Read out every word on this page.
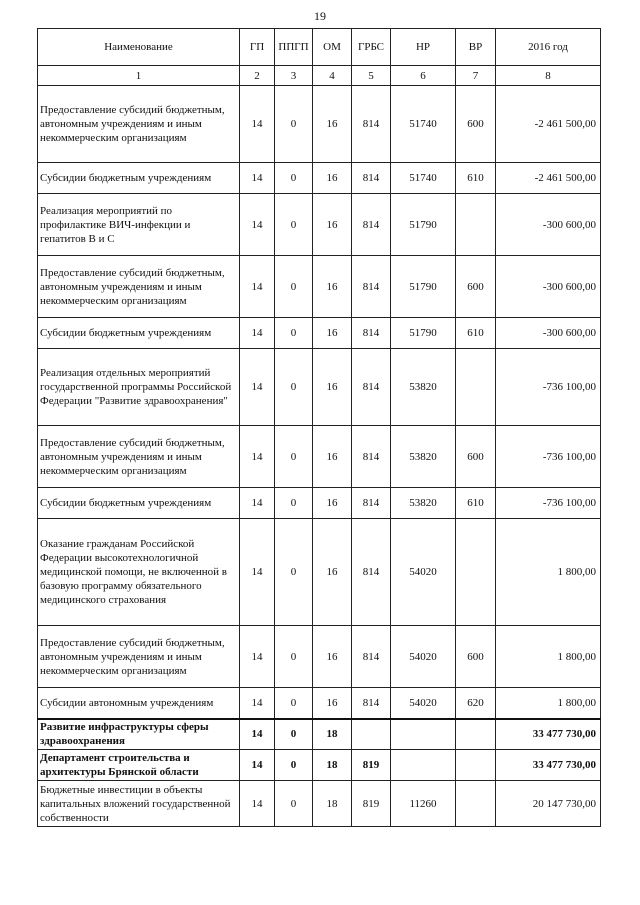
19
Наименование	ГП	ППГП	ОМ	ГРБС	НР	ВР	2016 год
1	2	3	4	5	6	7	8
Предоставление субсидий бюджетным, автономным учреждениям и иным некоммерческим организациям	14	0	16	814	51740	600	-2 461 500,00
Субсидии бюджетным учреждениям	14	0	16	814	51740	610	-2 461 500,00
Реализация мероприятий по профилактике ВИЧ-инфекции и гепатитов В и С	14	0	16	814	51790		-300 600,00
Предоставление субсидий бюджетным, автономным учреждениям и иным некоммерческим организациям	14	0	16	814	51790	600	-300 600,00
Субсидии бюджетным учреждениям	14	0	16	814	51790	610	-300 600,00
Реализация отдельных мероприятий государственной программы Российской Федерации "Развитие здравоохранения"	14	0	16	814	53820		-736 100,00
Предоставление субсидий бюджетным, автономным учреждениям и иным некоммерческим организациям	14	0	16	814	53820	600	-736 100,00
Субсидии бюджетным учреждениям	14	0	16	814	53820	610	-736 100,00
Оказание гражданам Российской Федерации высокотехнологичной медицинской помощи, не включенной в базовую программу обязательного медицинского страхования	14	0	16	814	54020		1 800,00
Предоставление субсидий бюджетным, автономным учреждениям и иным некоммерческим организациям	14	0	16	814	54020	600	1 800,00
Субсидии автономным учреждениям	14	0	16	814	54020	620	1 800,00
Развитие инфраструктуры сферы здравоохранения	14	0	18				33 477 730,00
Департамент строительства и архитектуры Брянской области	14	0	18	819			33 477 730,00
Бюджетные инвестиции в объекты капитальных вложений государственной собственности	14	0	18	819	11260		20 147 730,00
